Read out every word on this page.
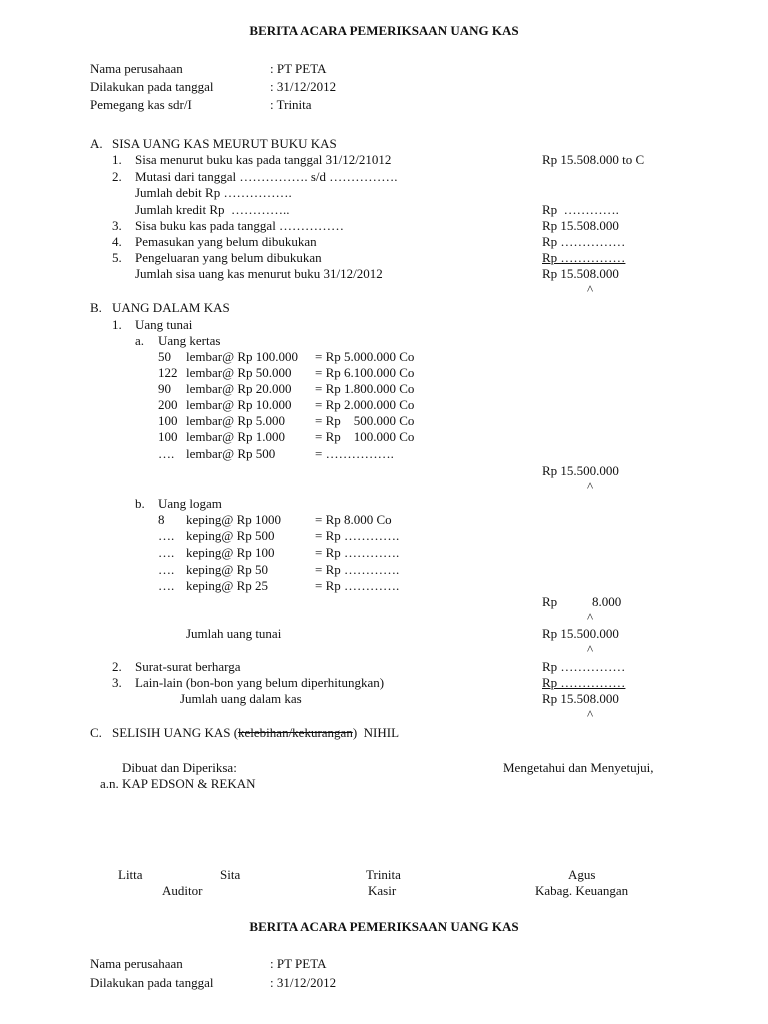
BERITA ACARA PEMERIKSAAN UANG KAS
Nama perusahaan	: PT PETA
Dilakukan pada tanggal	: 31/12/2012
Pemegang kas sdr/I	: Trinita
A. SISA UANG KAS MEURUT BUKU KAS
1. Sisa menurut buku kas pada tanggal 31/12/21012	Rp 15.508.000 to C
2. Mutasi dari tanggal ……………. s/d …………….
Jumlah debit Rp …………….
Jumlah kredit Rp  …………..	Rp  ………….
3. Sisa buku kas pada tanggal ……………	Rp 15.508.000
4. Pemasukan yang belum dibukukan	Rp ……………
5. Pengeluaran yang belum dibukukan	Rp ……………
Jumlah sisa uang kas menurut buku 31/12/2012	Rp 15.508.000
^
B. UANG DALAM KAS
1. Uang tunai
a. Uang kertas
50 lembar@ Rp 100.000 = Rp 5.000.000 Co
122 lembar@ Rp 50.000 = Rp 6.100.000 Co
90 lembar@ Rp 20.000 = Rp 1.800.000 Co
200 lembar@ Rp 10.000 = Rp 2.000.000 Co
100 lembar@ Rp 5.000 = Rp    500.000 Co
100 lembar@ Rp 1.000 = Rp    100.000 Co
…. lembar@ Rp 500	= …………….
Rp 15.500.000
^
b. Uang logam
8 keping@ Rp 1000	= Rp 8.000 Co
…. keping@ Rp 500	= Rp ………….
…. keping@ Rp 100	= Rp ………….
…. keping@ Rp 50	= Rp ………….
…. keping@ Rp 25	= Rp ………….
Rp	8.000
^
Jumlah uang tunai	Rp 15.500.000
^
2. Surat-surat berharga	Rp ……………
3. Lain-lain (bon-bon yang belum diperhitungkan)	Rp ……………
Jumlah uang dalam kas	Rp 15.508.000
^
C. SELISIH UANG KAS (kelebihan/kekurangan)  NIHIL
Dibuat dan Diperiksa:
a.n. KAP EDSON & REKAN
Mengetahui dan Menyetujui,
Litta	Sita	Trinita	Agus
Auditor	Kasir	Kabag. Keuangan
BERITA ACARA PEMERIKSAAN UANG KAS
Nama perusahaan	: PT PETA
Dilakukan pada tanggal	: 31/12/2012
